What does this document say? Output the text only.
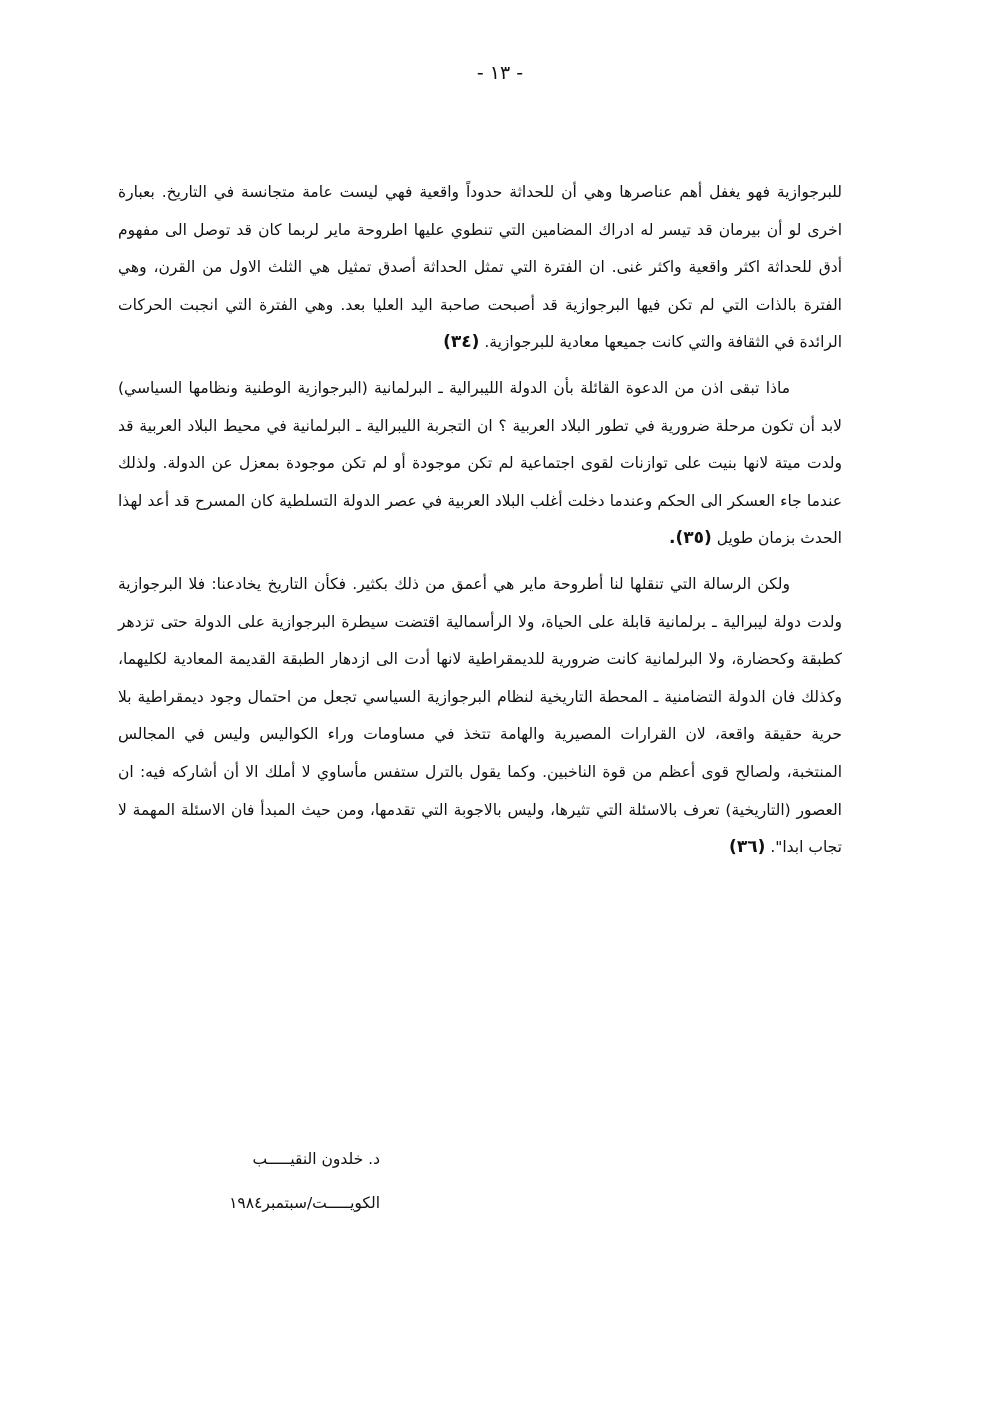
- ١٣ -

للبرجوازية فهو يغفل أهم عناصرها وهي أن للحداثة حدوداً واقعية فهي ليست عامة متجانسة في التاريخ. بعبارة اخرى لو أن بيرمان قد تيسر له ادراك المضامين التي تنطوي عليها اطروحة ماير لربما كان قد توصل الى مفهوم أدق للحداثة اكثر واقعية واكثر غنى. ان الفترة التي تمثل الحداثة أصدق تمثيل هي الثلث الاول من القرن، وهي الفترة بالذات التي لم تكن فيها البرجوازية قد أصبحت صاحبة اليد العليا بعد. وهي الفترة التي انجبت الحركات الرائدة في الثقافة والتي كانت جميعها معادية للبرجوازية. (٣٤)

ماذا تبقى اذن من الدعوة القائلة بأن الدولة الليبرالية ـ البرلمانية (البرجوازية الوطنية ونظامها السياسي) لابد أن تكون مرحلة ضرورية في تطور البلاد العربية ؟ ان التجربة الليبرالية ـ البرلمانية في محيط البلاد العربية قد ولدت ميتة لانها بنيت على توازنات لقوى اجتماعية لم تكن موجودة أو لم تكن موجودة بمعزل عن الدولة. ولذلك عندما جاء العسكر الى الحكم وعندما دخلت أغلب البلاد العربية في عصر الدولة التسلطية كان المسرح قد أعد لهذا الحدث بزمان طويل (٣٥).

ولكن الرسالة التي تنقلها لنا أطروحة ماير هي أعمق من ذلك بكثير. فكأن التاريخ يخادعنا: فلا البرجوازية ولدت دولة ليبرالية ـ برلمانية قابلة على الحياة، ولا الرأسمالية اقتضت سيطرة البرجوازية على الدولة حتى تزدهر كطبقة وكحضارة، ولا البرلمانية كانت ضرورية للديمقراطية لانها أدت الى ازدهار الطبقة القديمة المعادية لكليهما، وكذلك فان الدولة التضامنية ـ المحطة التاريخية لنظام البرجوازية السياسي تجعل من احتمال وجود ديمقراطية بلا حرية حقيقة واقعة، لان القرارات المصيرية والهامة تتخذ في مساومات وراء الكواليس وليس في المجالس المنتخبة، ولصالح قوى أعظم من قوة الناخبين. وكما يقول بالترل ستفس مأساوي لا أملك الا أن أشاركه فيه: ان العصور (التاريخية) تعرف بالاسئلة التي تثيرها، وليس بالاجوبة التي تقدمها، ومن حيث المبدأ فان الاسئلة المهمة لا تجاب ابدا". (٣٦)

د. خلدون النقيـــــب

الكويـــــت/سبتمبر١٩٨٤
